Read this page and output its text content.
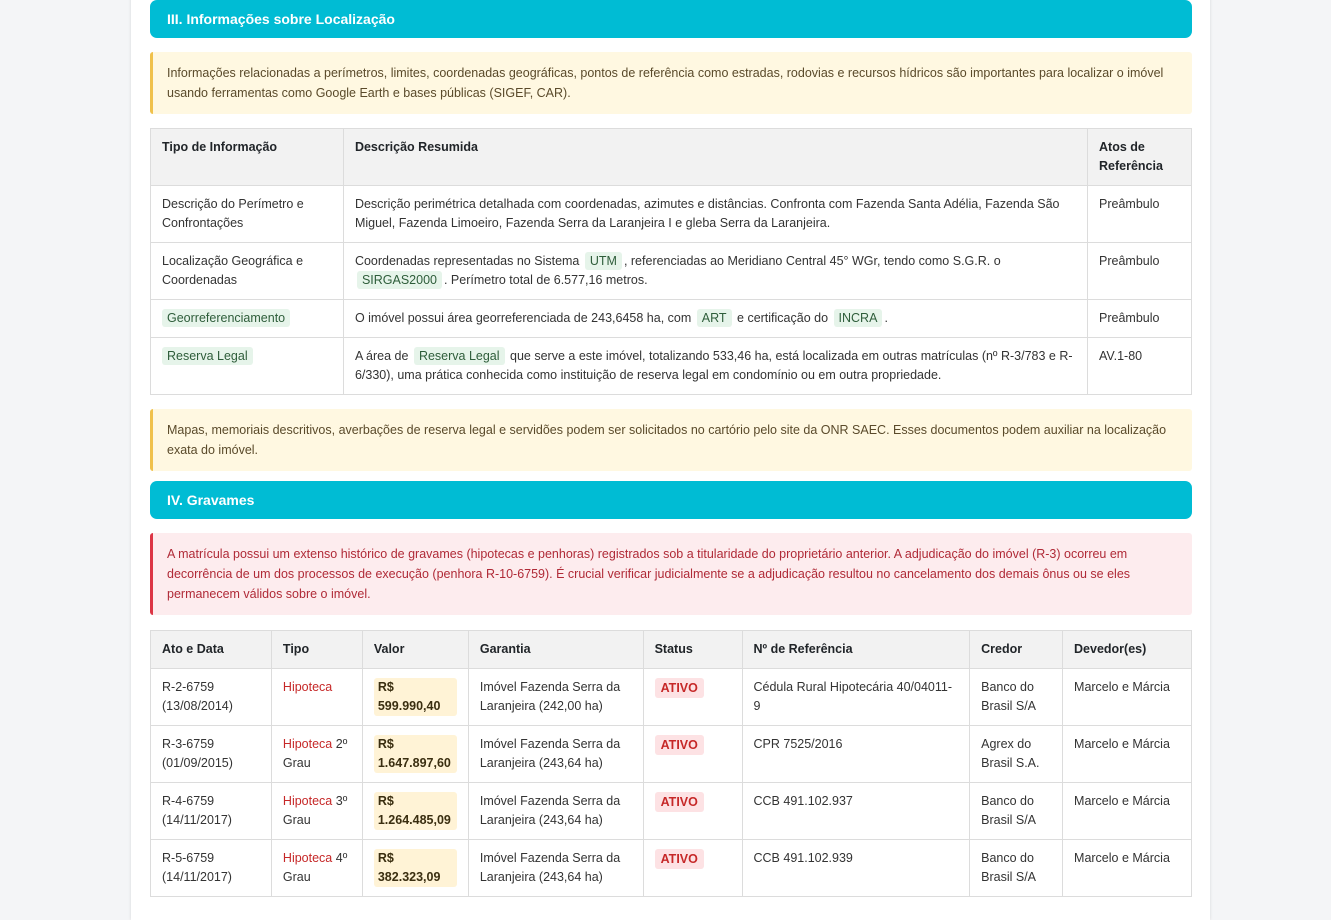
III. Informações sobre Localização
Informações relacionadas a perímetros, limites, coordenadas geográficas, pontos de referência como estradas, rodovias e recursos hídricos são importantes para localizar o imóvel usando ferramentas como Google Earth e bases públicas (SIGEF, CAR).
Tipo de Informação	Descrição Resumida	Atos de Referência
Descrição do Perímetro e Confrontações	Descrição perimétrica detalhada com coordenadas, azimutes e distâncias. Confronta com Fazenda Santa Adélia, Fazenda São Miguel, Fazenda Limoeiro, Fazenda Serra da Laranjeira I e gleba Serra da Laranjeira.	Preâmbulo
Localização Geográfica e Coordenadas	Coordenadas representadas no Sistema UTM , referenciadas ao Meridiano Central 45° WGr, tendo como S.G.R. o SIRGAS2000 . Perímetro total de 6.577,16 metros.	Preâmbulo
Georreferenciamento	O imóvel possui área georreferenciada de 243,6458 ha, com ART e certificação do INCRA .	Preâmbulo
Reserva Legal	A área de Reserva Legal que serve a este imóvel, totalizando 533,46 ha, está localizada em outras matrículas (nº R-3/783 e R-6/330), uma prática conhecida como instituição de reserva legal em condomínio ou em outra propriedade.	AV.1-80
Mapas, memoriais descritivos, averbações de reserva legal e servidões podem ser solicitados no cartório pelo site da ONR SAEC. Esses documentos podem auxiliar na localização exata do imóvel.
IV. Gravames
A matrícula possui um extenso histórico de gravames (hipotecas e penhoras) registrados sob a titularidade do proprietário anterior. A adjudicação do imóvel (R-3) ocorreu em decorrência de um dos processos de execução (penhora R-10-6759). É crucial verificar judicialmente se a adjudicação resultou no cancelamento dos demais ônus ou se eles permanecem válidos sobre o imóvel.
Ato e Data	Tipo	Valor	Garantia	Status	Nº de Referência	Credor	Devedor(es)
R-2-6759
(13/08/2014)	Hipoteca	R$ 599.990,40	Imóvel Fazenda Serra da Laranjeira (242,00 ha)	ATIVO	Cédula Rural Hipotecária 40/04011-9	Banco do Brasil S/A	Marcelo e Márcia
R-3-6759
(01/09/2015)	Hipoteca 2º Grau	R$ 1.647.897,60	Imóvel Fazenda Serra da Laranjeira (243,64 ha)	ATIVO	CPR 7525/2016	Agrex do Brasil S.A.	Marcelo e Márcia
R-4-6759
(14/11/2017)	Hipoteca 3º Grau	R$ 1.264.485,09	Imóvel Fazenda Serra da Laranjeira (243,64 ha)	ATIVO	CCB 491.102.937	Banco do Brasil S/A	Marcelo e Márcia
R-5-6759
(14/11/2017)	Hipoteca 4º Grau	R$ 382.323,09	Imóvel Fazenda Serra da Laranjeira (243,64 ha)	ATIVO	CCB 491.102.939	Banco do Brasil S/A	Marcelo e Márcia
